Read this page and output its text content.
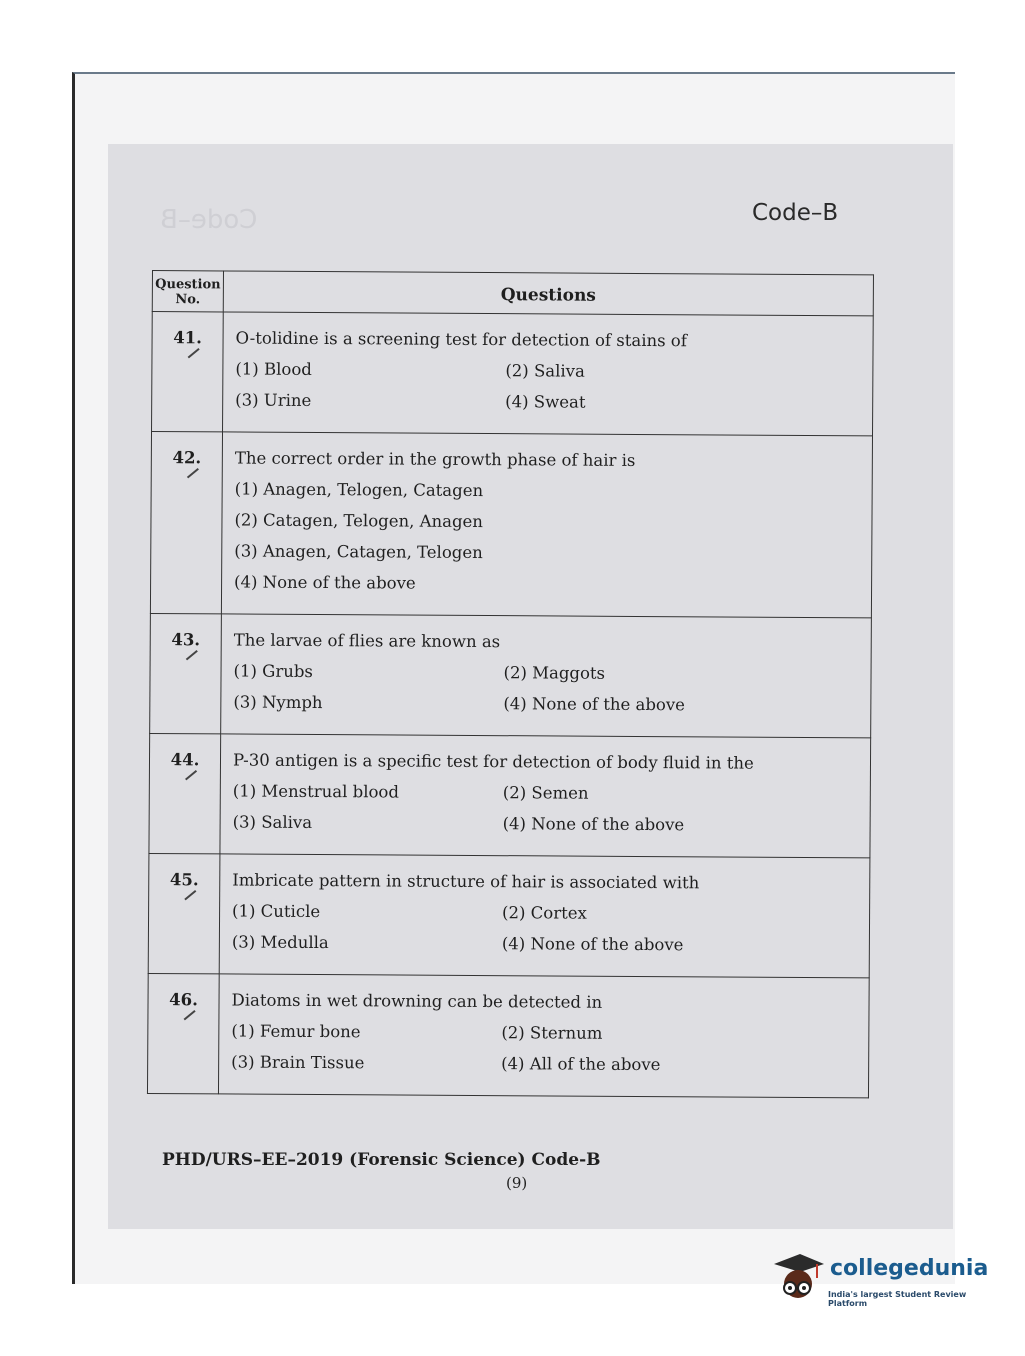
Code–B	Code–B
Question No.	Questions
41.	O-tolidine is a screening test for detection of stains of
(1) Blood (2) Saliva
(3) Urine (4) Sweat

42.	The correct order in the growth phase of hair is
(1) Anagen, Telogen, Catagen
(2) Catagen, Telogen, Anagen
(3) Anagen, Catagen, Telogen
(4) None of the above

43.	The larvae of flies are known as
(1) Grubs (2) Maggots
(3) Nymph (4) None of the above

44.	P-30 antigen is a specific test for detection of body fluid in the
(1) Menstrual blood (2) Semen
(3) Saliva (4) None of the above

45.	Imbricate pattern in structure of hair is associated with
(1) Cuticle (2) Cortex
(3) Medulla (4) None of the above

46.	Diatoms in wet drowning can be detected in
(1) Femur bone (2) Sternum
(3) Brain Tissue (4) All of the above
PHD/URS–EE–2019 (Forensic Science) Code-B
(9)
collegedunia
India's largest Student Review Platform
